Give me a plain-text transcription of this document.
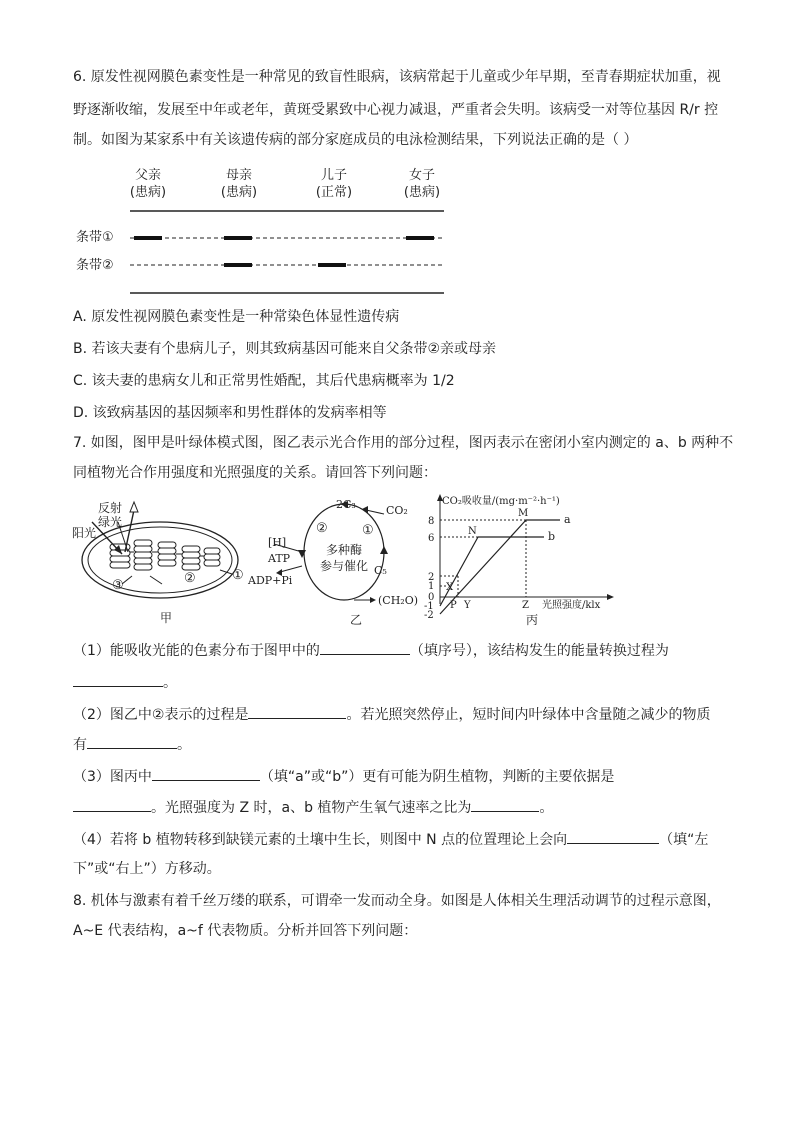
6. 原发性视网膜色素变性是一种常见的致盲性眼病，该病常起于儿童或少年早期，至青春期症状加重，视
野逐渐收缩，发展至中年或老年，黄斑受累致中心视力减退，严重者会失明。该病受一对等位基因 R/r 控
制。如图为某家系中有关该遗传病的部分家庭成员的电泳检测结果，下列说法正确的是（ ）
父亲
(患病)
母亲
(患病)
儿子
(正常)
女子
(患病)
条带①
条带②
A. 原发性视网膜色素变性是一种常染色体显性遗传病
B. 若该夫妻有个患病儿子，则其致病基因可能来自父条带②亲或母亲
C. 该夫妻的患病女儿和正常男性婚配，其后代患病概率为 1/2
D. 该致病基因的基因频率和男性群体的发病率相等
7. 如图，图甲是叶绿体模式图，图乙表示光合作用的部分过程，图丙表示在密闭小室内测定的 a、b 两种不
同植物光合作用强度和光照强度的关系。请回答下列问题：
反射
绿光
阳光
①
②
③
甲
2C₃	CO₂
②	①
[H]
ATP
ADP+Pi
多种酶
参与催化 C₅
(CH₂O)
乙
CO₂吸收量/(mg·m⁻²·h⁻¹)
8
6
2
1
0
-1
-2
P Y	Z 光照强度/klx
M
N
X
a
b
丙
（1）能吸收光能的色素分布于图甲中的	（填序号），该结构发生的能量转换过程为
。
（2）图乙中②表示的过程是	。若光照突然停止，短时间内叶绿体中含量随之减少的物质
有	。
（3）图丙中	（填“a”或“b”）更有可能为阴生植物，判断的主要依据是
。光照强度为 Z 时，a、b 植物产生氧气速率之比为	。
（4）若将 b 植物转移到缺镁元素的土壤中生长，则图中 N 点的位置理论上会向	（填“左
下”或“右上”）方移动。
8. 机体与激素有着千丝万缕的联系，可谓牵一发而动全身。如图是人体相关生理活动调节的过程示意图，
A~E 代表结构，a~f 代表物质。分析并回答下列问题：
